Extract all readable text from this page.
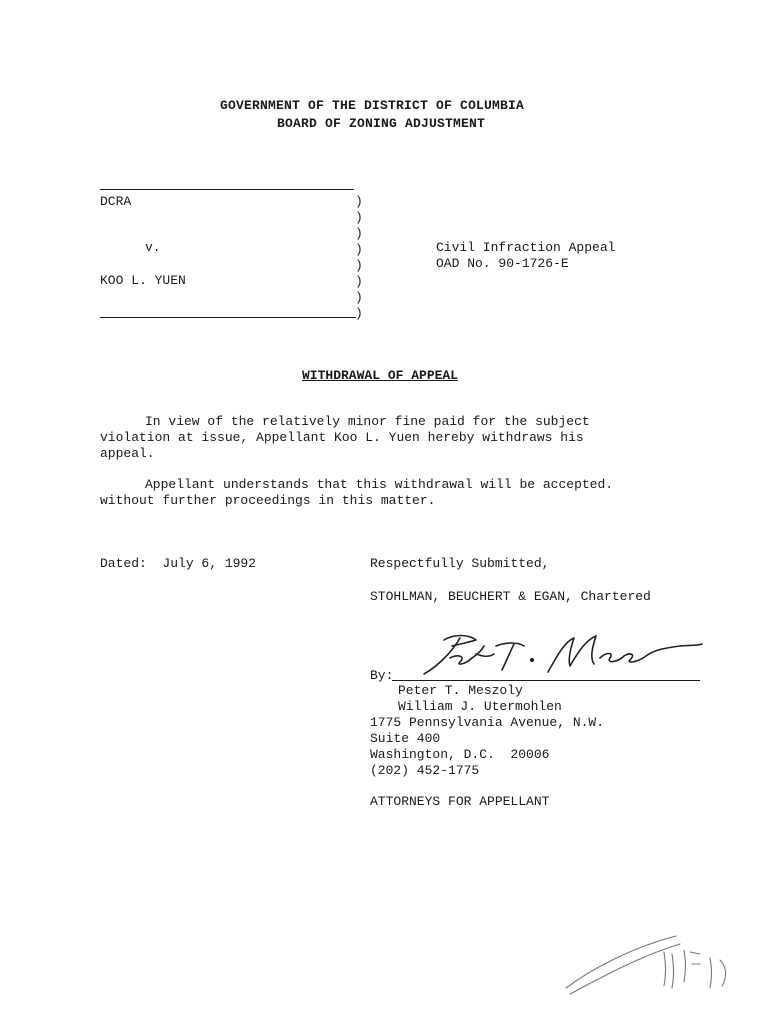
GOVERNMENT OF THE DISTRICT OF COLUMBIA
BOARD OF ZONING ADJUSTMENT
DCRA
v.
KOO L. YUEN
)
)
)
)
)
)
)
)
Civil Infraction Appeal
OAD No. 90-1726-E
WITHDRAWAL OF APPEAL
In view of the relatively minor fine paid for the subject
violation at issue, Appellant Koo L. Yuen hereby withdraws his
appeal.
Appellant understands that this withdrawal will be accepted.
without further proceedings in this matter.
Dated:  July 6, 1992	Respectfully Submitted,
STOHLMAN, BEUCHERT & EGAN, Chartered
By:
Peter T. Meszoly
William J. Utermohlen
1775 Pennsylvania Avenue, N.W.
Suite 400
Washington, D.C.  20006
(202) 452-1775
ATTORNEYS FOR APPELLANT
